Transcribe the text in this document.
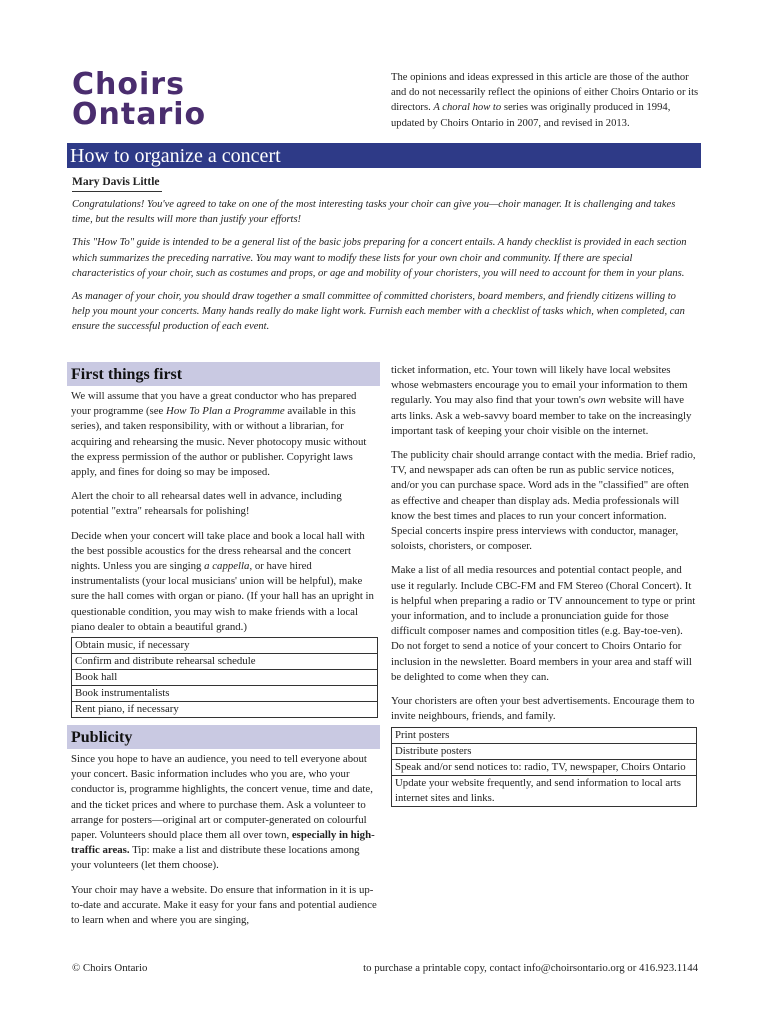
Choirs
Ontario
The opinions and ideas expressed in this article are those of the author and do not necessarily reflect the opinions of either Choirs Ontario or its directors. A choral how to series was originally produced in 1994, updated by Choirs Ontario in 2007, and revised in 2013.
How to organize a concert
Mary Davis Little

Congratulations! You've agreed to take on one of the most interesting tasks your choir can give you—choir manager. It is challenging and takes time, but the results will more than justify your efforts!

This "How To" guide is intended to be a general list of the basic jobs preparing for a concert entails. A handy checklist is provided in each section which summarizes the preceding narrative. You may want to modify these lists for your own choir and community. If there are special characteristics of your choir, such as costumes and props, or age and mobility of your choristers, you will need to account for them in your plans.

As manager of your choir, you should draw together a small committee of committed choristers, board members, and friendly citizens willing to help you mount your concerts. Many hands really do make light work. Furnish each member with a checklist of tasks which, when completed, can ensure the successful production of each event.

First things first

We will assume that you have a great conductor who has prepared your programme (see How To Plan a Programme available in this series), and taken responsibility, with or without a librarian, for acquiring and rehearsing the music. Never photocopy music without the express permission of the author or publisher. Copyright laws apply, and fines for doing so may be imposed.

Alert the choir to all rehearsal dates well in advance, including potential "extra" rehearsals for polishing!

Decide when your concert will take place and book a local hall with the best possible acoustics for the dress rehearsal and the concert nights. Unless you are singing a cappella, or have hired instrumentalists (your local musicians' union will be helpful), make sure the hall comes with organ or piano. (If your hall has an upright in questionable condition, you may wish to make friends with a local piano dealer to obtain a beautiful grand.)

Obtain music, if necessary
Confirm and distribute rehearsal schedule
Book hall
Book instrumentalists
Rent piano, if necessary
Publicity

Since you hope to have an audience, you need to tell everyone about your concert. Basic information includes who you are, who your conductor is, programme highlights, the concert venue, time and date, and the ticket prices and where to purchase them. Ask a volunteer to arrange for posters—original art or computer-generated on colourful paper. Volunteers should place them all over town, especially in high-traffic areas. Tip: make a list and distribute these locations among your volunteers (let them choose).

Your choir may have a website. Do ensure that information in it is up-to-date and accurate. Make it easy for your fans and potential audience to learn when and where you are singing,

ticket information, etc. Your town will likely have local websites whose webmasters encourage you to email your information to them regularly. You may also find that your town's own website will have arts links. Ask a web-savvy board member to take on the increasingly important task of keeping your choir visible on the internet.

The publicity chair should arrange contact with the media. Brief radio, TV, and newspaper ads can often be run as public service notices, and/or you can purchase space. Word ads in the "classified" are often as effective and cheaper than display ads. Media professionals will know the best times and places to run your concert information. Special concerts inspire press interviews with conductor, manager, soloists, choristers, or composer.

Make a list of all media resources and potential contact people, and use it regularly. Include CBC-FM and FM Stereo (Choral Concert). It is helpful when preparing a radio or TV announcement to type or print your information, and to include a pronunciation guide for those difficult composer names and composition titles (e.g. Bay-toe-ven). Do not forget to send a notice of your concert to Choirs Ontario for inclusion in the newsletter. Board members in your area and staff will be delighted to come when they can.

Your choristers are often your best advertisements. Encourage them to invite neighbours, friends, and family.

Print posters
Distribute posters
Speak and/or send notices to: radio, TV, newspaper, Choirs Ontario
Update your website frequently, and send information to local arts internet sites and links.
© Choirs Ontario	to purchase a printable copy, contact info@choirsontario.org or 416.923.1144
